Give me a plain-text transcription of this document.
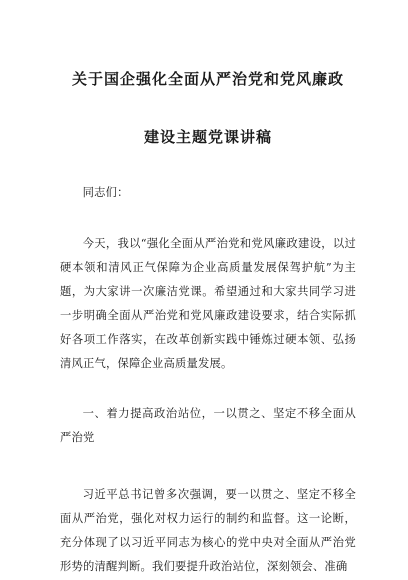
关于国企强化全面从严治党和党风廉政
建设主题党课讲稿

同志们：

今天，我以“强化全面从严治党和党风廉政建设，以过硬本领和清风正气保障为企业高质量发展保驾护航”为主题，为大家讲一次廉洁党课。希望通过和大家共同学习进一步明确全面从严治党和党风廉政建设要求，结合实际抓好各项工作落实，在改革创新实践中锤炼过硬本领、弘扬清风正气，保障企业高质量发展。

一、着力提高政治站位，一以贯之、坚定不移全面从严治党

习近平总书记曾多次强调，要一以贯之、坚定不移全面从严治党，强化对权力运行的制约和监督。这一论断，充分体现了以习近平同志为核心的党中央对全面从严治党形势的清醒判断。我们要提升政治站位，深刻领会、准确
